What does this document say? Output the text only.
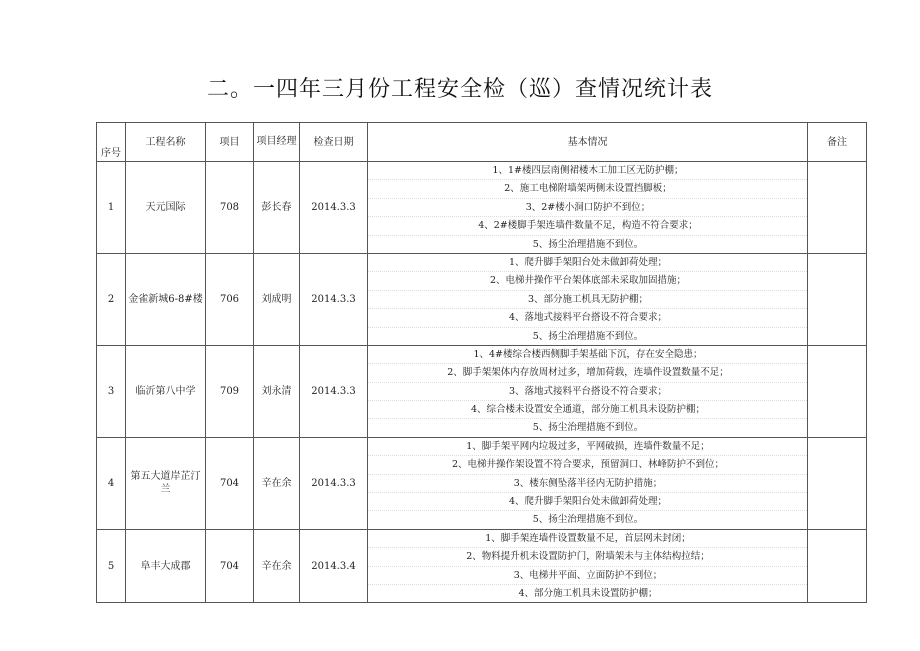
二。一四年三月份工程安全检（巡）查情况统计表
序号	工程名称	项目	项目经理	检查日期	基本情况	备注

1	天元国际	708	彭长春	2014.3.3	1、1#楼四层南侧裙楼木工加工区无防护棚；
2、施工电梯附墙架两侧未设置挡脚板；
3、2#楼小洞口防护不到位；
4、2#楼脚手架连墙件数量不足，构造不符合要求；
5、扬尘治理措施不到位。	

2	金雀新城6-8#楼	706	刘成明	2014.3.3	1、爬升脚手架阳台处未做卸荷处理；
2、电梯井操作平台架体底部未采取加固措施；
3、部分施工机具无防护棚；
4、落地式接料平台搭设不符合要求；
5、扬尘治理措施不到位。	

3	临沂第八中学	709	刘永清	2014.3.3	1、4#楼综合楼西侧脚手架基础下沉，存在安全隐患；
2、脚手架架体内存放周材过多，增加荷载，连墙件设置数量不足；
3、落地式接料平台搭设不符合要求；
4、综合楼未设置安全通道，部分施工机具未设防护棚；
5、扬尘治理措施不到位。	

4	第五大道岸芷汀兰	704	辛在余	2014.3.3	1、脚手架平网内垃圾过多，平网破损，连墙件数量不足；
2、电梯井操作架设置不符合要求，预留洞口、林峰防护不到位；
3、楼东侧坠落半径内无防护措施；
4、爬升脚手架阳台处未做卸荷处理；
5、扬尘治理措施不到位。	

5	阜丰大成郡	704	辛在余	2014.3.4	1、脚手架连墙件设置数量不足，首层网未封闭；
2、物料提升机未设置防护门，附墙架未与主体结构拉结；
3、电梯井平面、立面防护不到位；
4、部分施工机具未设置防护棚；	
